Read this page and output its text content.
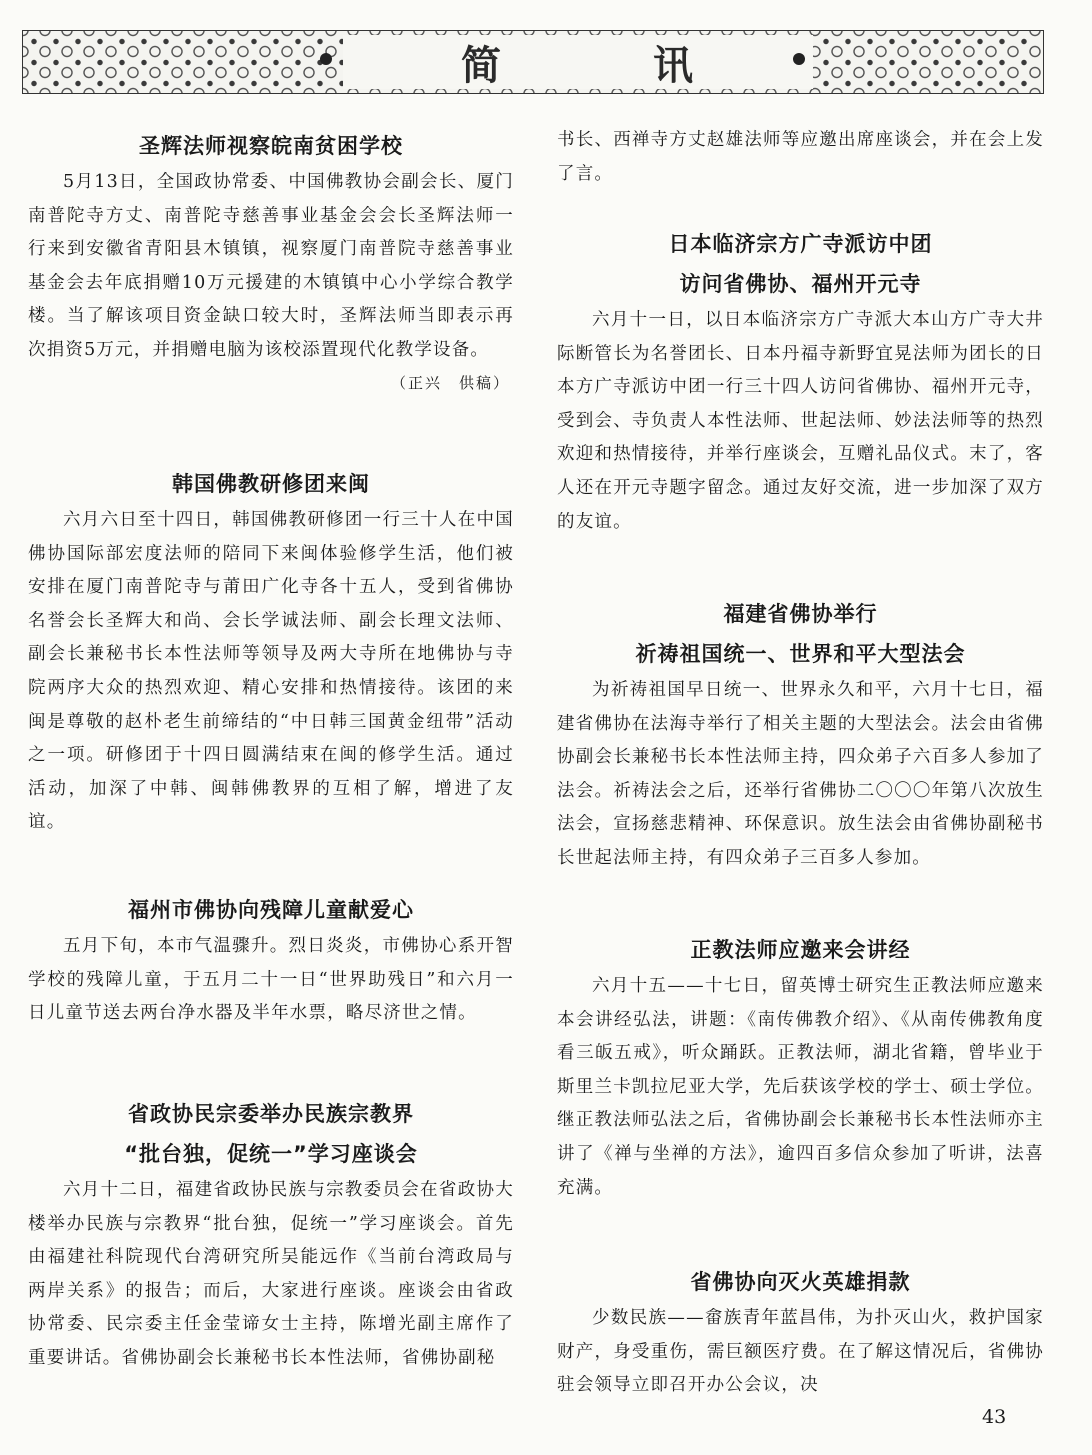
简	讯
圣辉法师视察皖南贫困学校

5月13日，全国政协常委、中国佛教协会副会长、厦门南普陀寺方丈、南普陀寺慈善事业基金会会长圣辉法师一行来到安徽省青阳县木镇镇，视察厦门南普院寺慈善事业基金会去年底捐赠10万元援建的木镇镇中心小学综合教学楼。当了解该项目资金缺口较大时，圣辉法师当即表示再次捐资5万元，并捐赠电脑为该校添置现代化教学设备。

（正兴　供稿）

韩国佛教研修团来闽

六月六日至十四日，韩国佛教研修团一行三十人在中国佛协国际部宏度法师的陪同下来闽体验修学生活，他们被安排在厦门南普陀寺与莆田广化寺各十五人，受到省佛协名誉会长圣辉大和尚、会长学诚法师、副会长理文法师、副会长兼秘书长本性法师等领导及两大寺所在地佛协与寺院两序大众的热烈欢迎、精心安排和热情接待。该团的来闽是尊敬的赵朴老生前缔结的“中日韩三国黄金纽带”活动之一项。研修团于十四日圆满结束在闽的修学生活。通过活动，加深了中韩、闽韩佛教界的互相了解，增进了友谊。

福州市佛协向残障儿童献爱心

五月下旬，本市气温骤升。烈日炎炎，市佛协心系开智学校的残障儿童，于五月二十一日“世界助残日”和六月一日儿童节送去两台净水器及半年水票，略尽济世之情。

省政协民宗委举办民族宗教界
“批台独，促统一”学习座谈会

六月十二日，福建省政协民族与宗教委员会在省政协大楼举办民族与宗教界“批台独，促统一”学习座谈会。首先由福建社科院现代台湾研究所吴能远作《当前台湾政局与两岸关系》的报告；而后，大家进行座谈。座谈会由省政协常委、民宗委主任金莹谛女士主持，陈增光副主席作了重要讲话。省佛协副会长兼秘书长本性法师，省佛协副秘

书长、西禅寺方丈赵雄法师等应邀出席座谈会，并在会上发了言。

日本临济宗方广寺派访中团
访问省佛协、福州开元寺

六月十一日，以日本临济宗方广寺派大本山方广寺大井际断管长为名誉团长、日本丹福寺新野宜晃法师为团长的日本方广寺派访中团一行三十四人访问省佛协、福州开元寺，受到会、寺负责人本性法师、世起法师、妙法法师等的热烈欢迎和热情接待，并举行座谈会，互赠礼品仪式。末了，客人还在开元寺题字留念。通过友好交流，进一步加深了双方的友谊。

福建省佛协举行
祈祷祖国统一、世界和平大型法会

为祈祷祖国早日统一、世界永久和平，六月十七日，福建省佛协在法海寺举行了相关主题的大型法会。法会由省佛协副会长兼秘书长本性法师主持，四众弟子六百多人参加了法会。祈祷法会之后，还举行省佛协二〇〇〇年第八次放生法会，宣扬慈悲精神、环保意识。放生法会由省佛协副秘书长世起法师主持，有四众弟子三百多人参加。

正教法师应邀来会讲经

六月十五——十七日，留英博士研究生正教法师应邀来本会讲经弘法，讲题：《南传佛教介绍》、《从南传佛教角度看三皈五戒》，听众踊跃。正教法师，湖北省籍，曾毕业于斯里兰卡凯拉尼亚大学，先后获该学校的学士、硕士学位。继正教法师弘法之后，省佛协副会长兼秘书长本性法师亦主讲了《禅与坐禅的方法》，逾四百多信众参加了听讲，法喜充满。

省佛协向灭火英雄捐款

少数民族——畲族青年蓝昌伟，为扑灭山火，救护国家财产，身受重伤，需巨额医疗费。在了解这情况后，省佛协驻会领导立即召开办公会议，决

43
